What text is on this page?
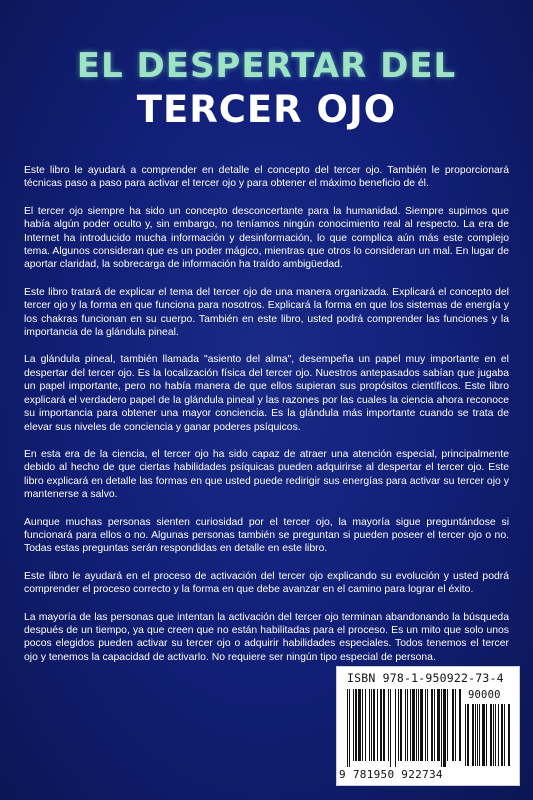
EL DESPERTAR DEL
TERCER OJO

Este libro le ayudará a comprender en detalle el concepto del tercer ojo. También le proporcionará técnicas paso a paso para activar el tercer ojo y para obtener el máximo beneficio de él.

El tercer ojo siempre ha sido un concepto desconcertante para la humanidad. Siempre supimos que había algún poder oculto y, sin embargo, no teníamos ningún conocimiento real al respecto. La era de Internet ha introducido mucha información y desinformación, lo que complica aún más este complejo tema. Algunos consideran que es un poder mágico, mientras que otros lo consideran un mal. En lugar de aportar claridad, la sobrecarga de información ha traído ambigüedad.

Este libro tratará de explicar el tema del tercer ojo de una manera organizada. Explicará el concepto del tercer ojo y la forma en que funciona para nosotros. Explicará la forma en que los sistemas de energía y los chakras funcionan en su cuerpo. También en este libro, usted podrá comprender las funciones y la importancia de la glándula pineal.

La glándula pineal, también llamada "asiento del alma", desempeña un papel muy importante en el despertar del tercer ojo. Es la localización física del tercer ojo. Nuestros antepasados sabían que jugaba un papel importante, pero no había manera de que ellos supieran sus propósitos científicos. Este libro explicará el verdadero papel de la glándula pineal y las razones por las cuales la ciencia ahora reconoce su importancia para obtener una mayor conciencia. Es la glándula más importante cuando se trata de elevar sus niveles de conciencia y ganar poderes psíquicos.

En esta era de la ciencia, el tercer ojo ha sido capaz de atraer una atención especial, principalmente debido al hecho de que ciertas habilidades psíquicas pueden adquirirse al despertar el tercer ojo. Este libro explicará en detalle las formas en que usted puede redirigir sus energías para activar su tercer ojo y mantenerse a salvo.

Aunque muchas personas sienten curiosidad por el tercer ojo, la mayoría sigue preguntándose si funcionará para ellos o no. Algunas personas también se preguntan si pueden poseer el tercer ojo o no. Todas estas preguntas serán respondidas en detalle en este libro.

Este libro le ayudará en el proceso de activación del tercer ojo explicando su evolución y usted podrá comprender el proceso correcto y la forma en que debe avanzar en el camino para lograr el éxito.

La mayoría de las personas que intentan la activación del tercer ojo terminan abandonando la búsqueda después de un tiempo, ya que creen que no están habilitadas para el proceso. Es un mito que solo unos pocos elegidos pueden activar su tercer ojo o adquirir habilidades especiales. Todos tenemos el tercer ojo y tenemos la capacidad de activarlo. No requiere ser ningún tipo especial de persona.

ISBN 978-1-950922-73-4
90000
9 781950 922734
